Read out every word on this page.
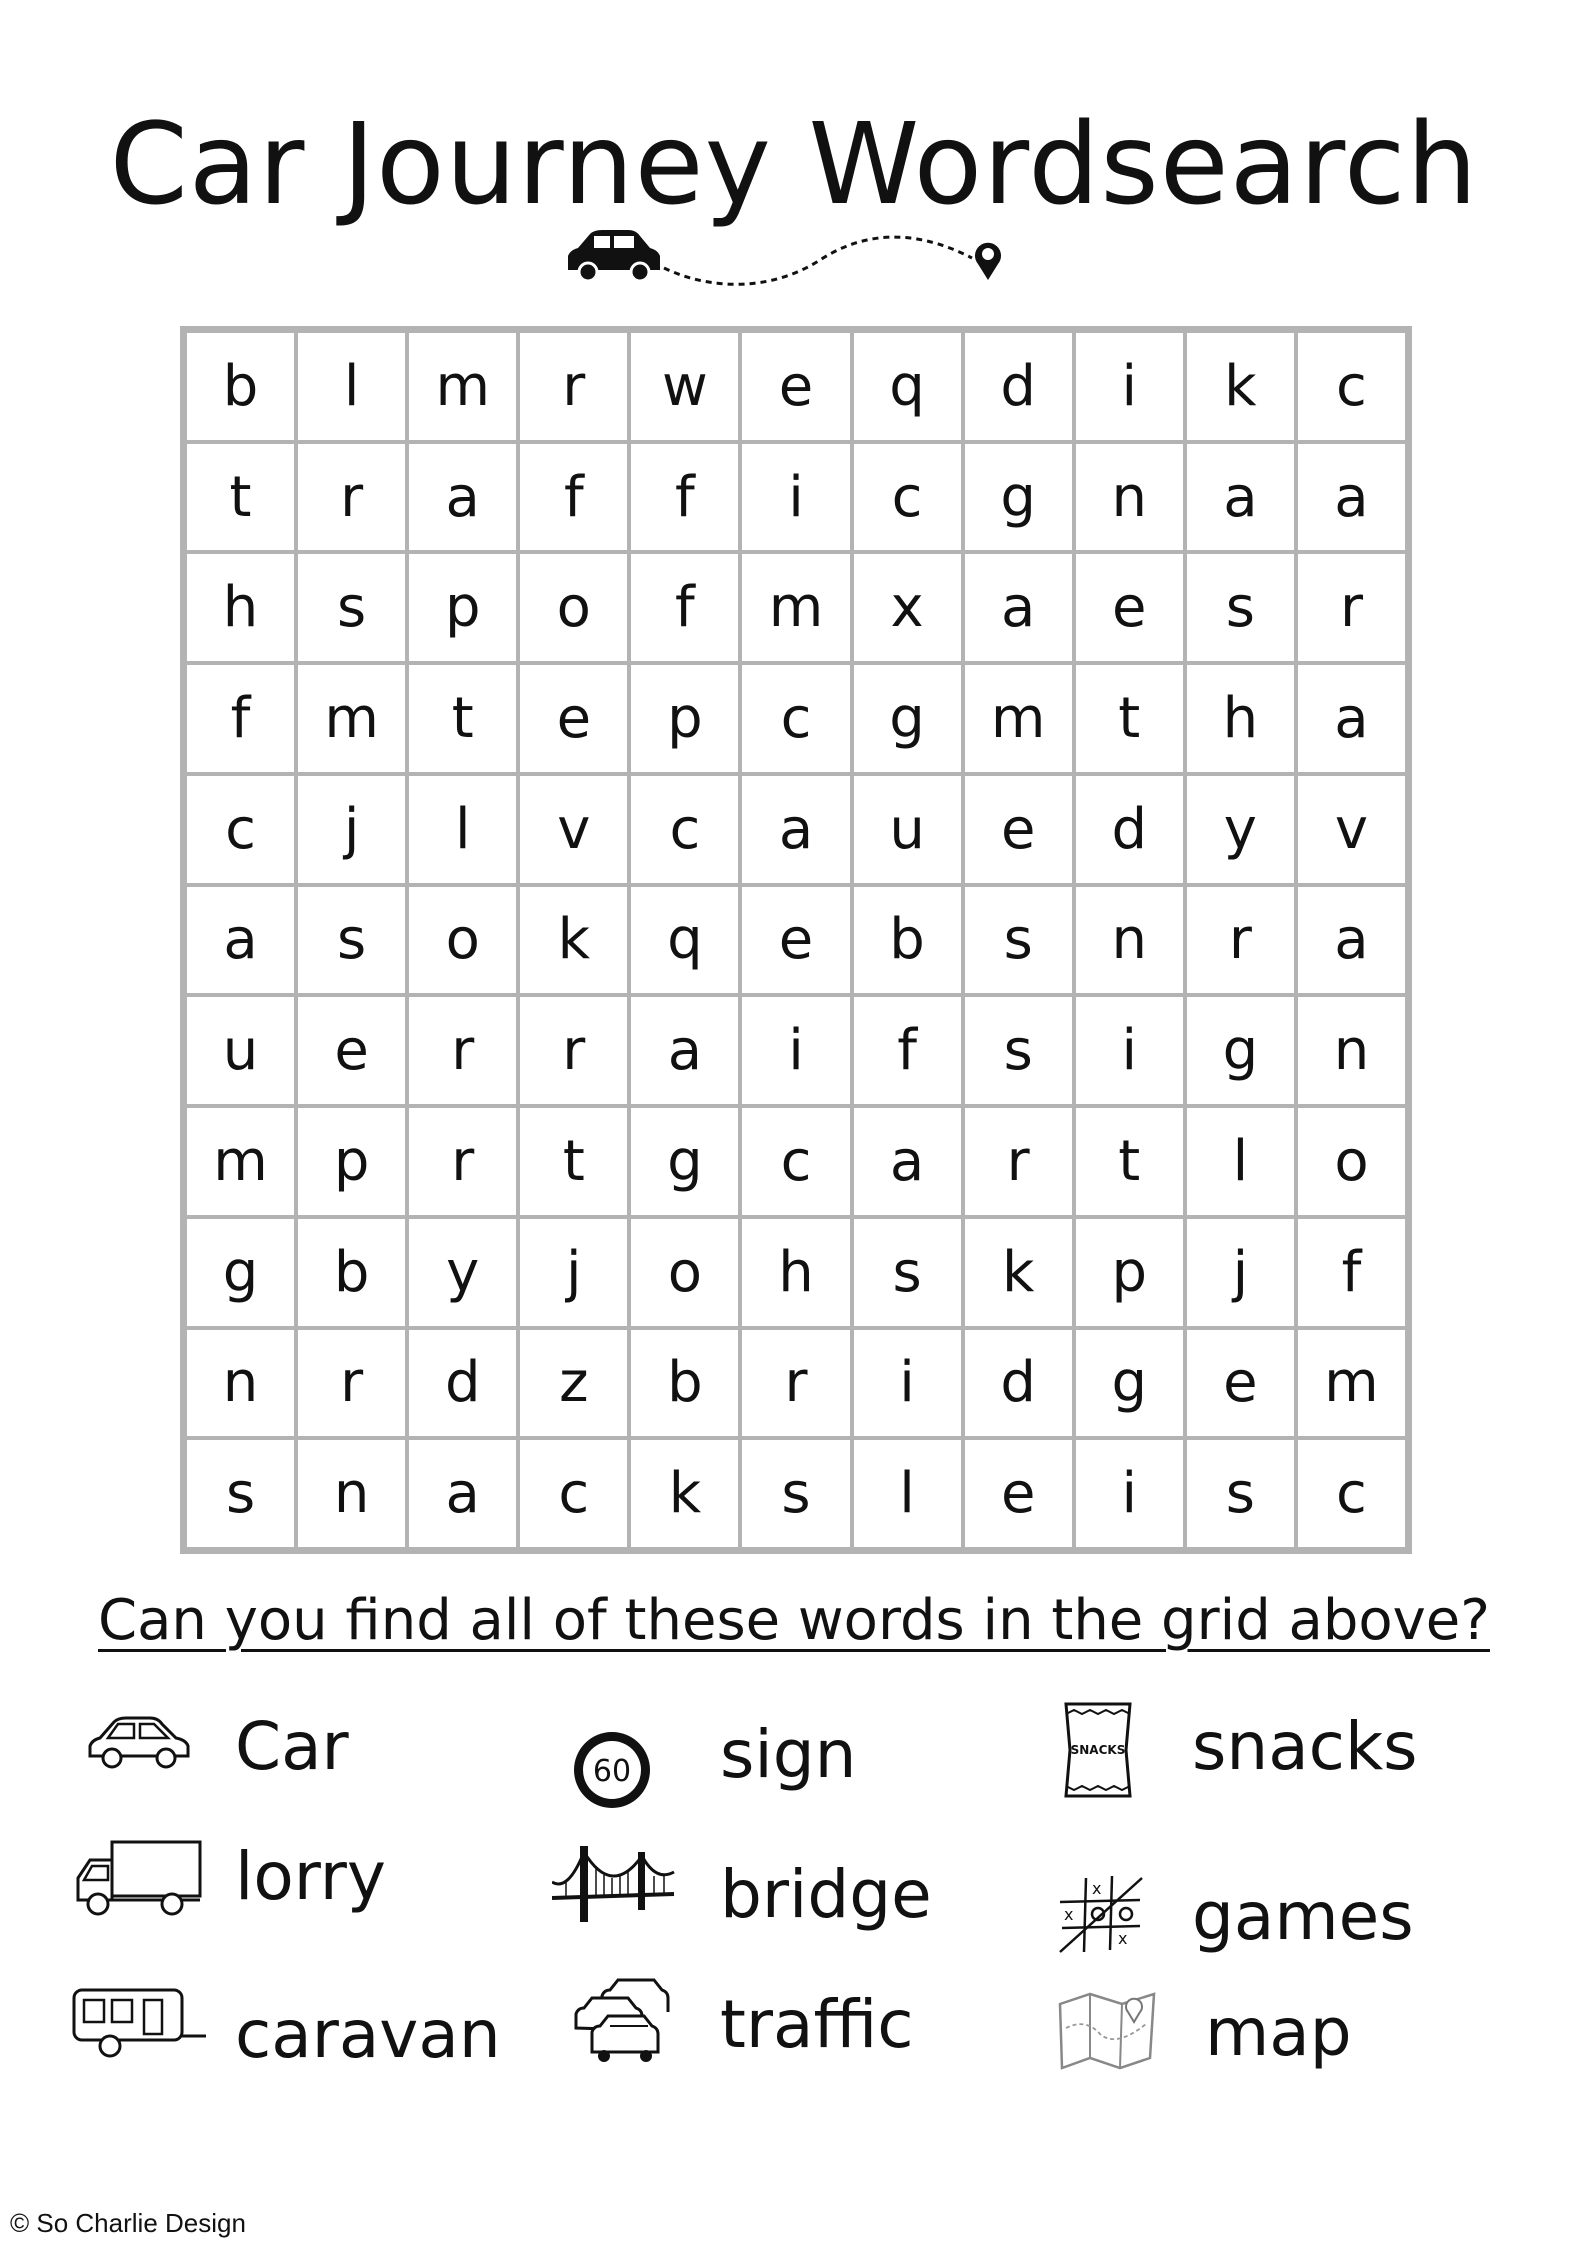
Car Journey Wordsearch
b	l	m	r	w	e	q	d	i	k	c
t	r	a	f	f	i	c	g	n	a	a
h	s	p	o	f	m	x	a	e	s	r
f	m	t	e	p	c	g	m	t	h	a
c	j	l	v	c	a	u	e	d	y	v
a	s	o	k	q	e	b	s	n	r	a
u	e	r	r	a	i	f	s	i	g	n
m	p	r	t	g	c	a	r	t	l	o
g	b	y	j	o	h	s	k	p	j	f
n	r	d	z	b	r	i	d	g	e	m
s	n	a	c	k	s	l	e	i	s	c
Can you find all of these words in the grid above?
Car
lorry
caravan
60 sign
bridge
traffic
SNACKS snacks
x
x
x games
map
© So Charlie Design
